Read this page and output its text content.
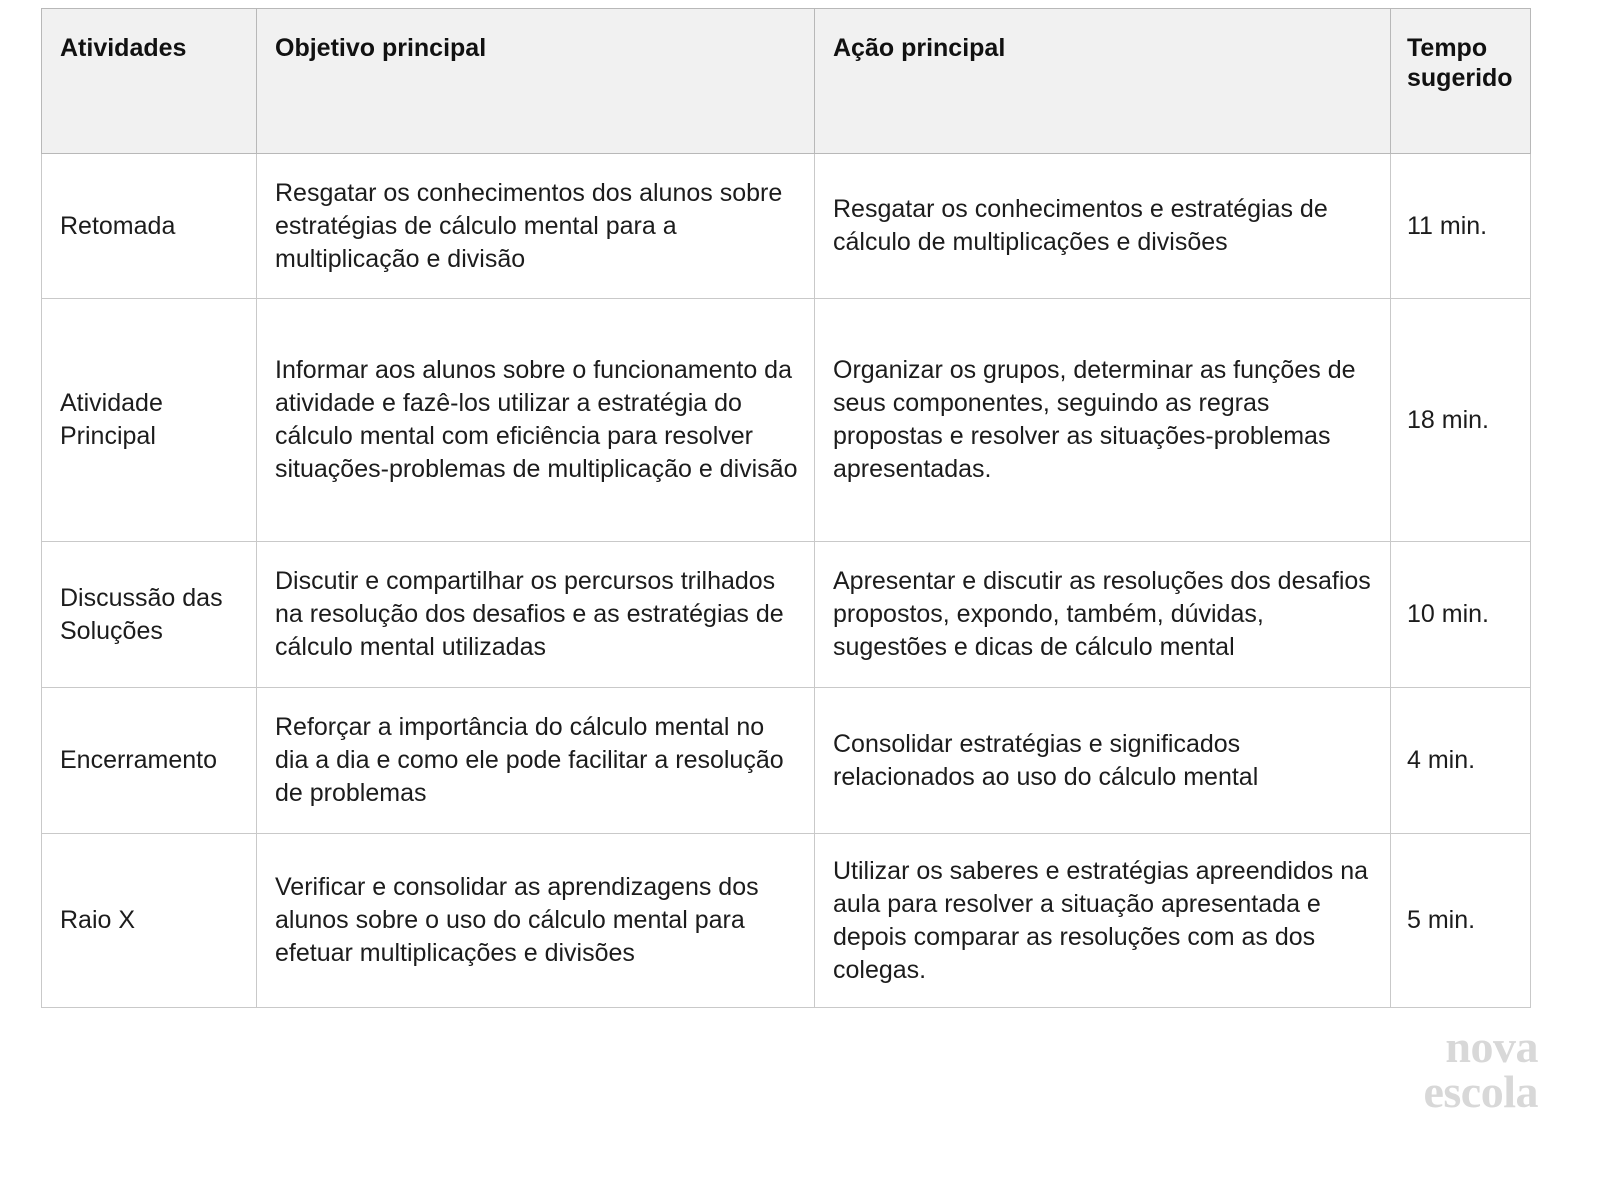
Atividades	Objetivo principal	Ação principal	Tempo sugerido
Retomada	Resgatar os conhecimentos dos alunos sobre estratégias de cálculo mental para a multiplicação e divisão	Resgatar os conhecimentos e estratégias de cálculo de multiplicações e divisões	11 min.
Atividade Principal	Informar aos alunos sobre o funcionamento da atividade e fazê-los utilizar a estratégia do cálculo mental com eficiência para resolver situações-problemas de multiplicação e divisão	Organizar os grupos, determinar as funções de seus componentes, seguindo as regras propostas e resolver as situações-problemas apresentadas.	18 min.
Discussão das Soluções	Discutir e compartilhar os percursos trilhados na resolução dos desafios e as estratégias de cálculo mental utilizadas	Apresentar e discutir as resoluções dos desafios propostos, expondo, também, dúvidas, sugestões e dicas de cálculo mental	10 min.
Encerramento	Reforçar a importância do cálculo mental no dia a dia e como ele pode facilitar a resolução de problemas	Consolidar estratégias e significados relacionados ao uso do cálculo mental	4 min.
Raio X	Verificar e consolidar as aprendizagens dos alunos sobre o uso do cálculo mental para efetuar multiplicações e divisões	Utilizar os saberes e estratégias apreendidos na aula para resolver a situação apresentada e depois comparar as resoluções com as dos colegas.	5 min.
nova
escola
